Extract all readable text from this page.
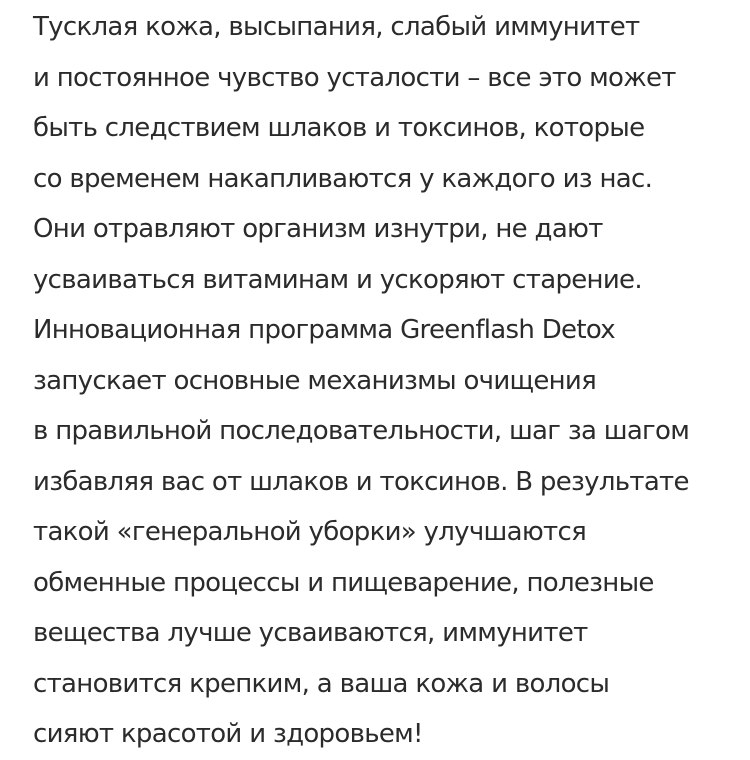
Тусклая кожа, высыпания, слабый иммунитет
и постоянное чувство усталости – все это может
быть следствием шлаков и токсинов, которые
со временем накапливаются у каждого из нас.
Они отравляют организм изнутри, не дают
усваиваться витаминам и ускоряют старение.
Инновационная программа Greenflash Detox
запускает основные механизмы очищения
в правильной последовательности, шаг за шагом
избавляя вас от шлаков и токсинов. В результате
такой «генеральной уборки» улучшаются
обменные процессы и пищеварение, полезные
вещества лучше усваиваются, иммунитет
становится крепким, а ваша кожа и волосы
сияют красотой и здоровьем!
